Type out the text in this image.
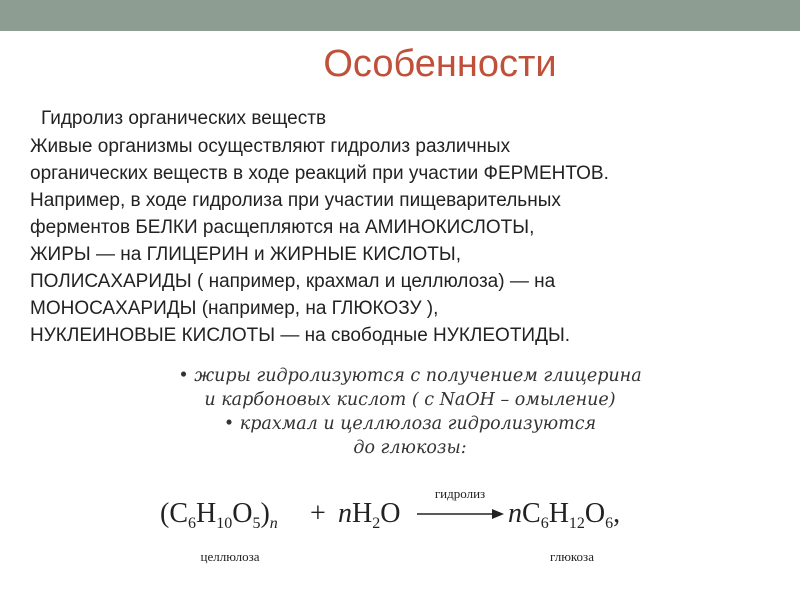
Особенности
Гидролиз органических веществ
Живые организмы осуществляют гидролиз различных
органических веществ в ходе реакций при участии ФЕРМЕНТОВ.
Например, в ходе гидролиза при участии пищеварительных
ферментов БЕЛКИ расщепляются на АМИНОКИСЛОТЫ,
ЖИРЫ — на ГЛИЦЕРИН и ЖИРНЫЕ КИСЛОТЫ,
ПОЛИСАХАРИДЫ ( например, крахмал и целлюлоза) — на
МОНОСАХАРИДЫ (например, на ГЛЮКОЗУ ),
НУКЛЕИНОВЫЕ КИСЛОТЫ — на свободные НУКЛЕОТИДЫ.
• жиры гидролизуются с получением глицерина
и карбоновых кислот ( с NaOH – омыление)
• крахмал и целлюлоза гидролизуются
до глюкозы:
$(C_6H_{10}O_5)_n + nH_2O$
гидролиз
$nC_6H_{12}O_6$,
целлюлоза	глюкоза
